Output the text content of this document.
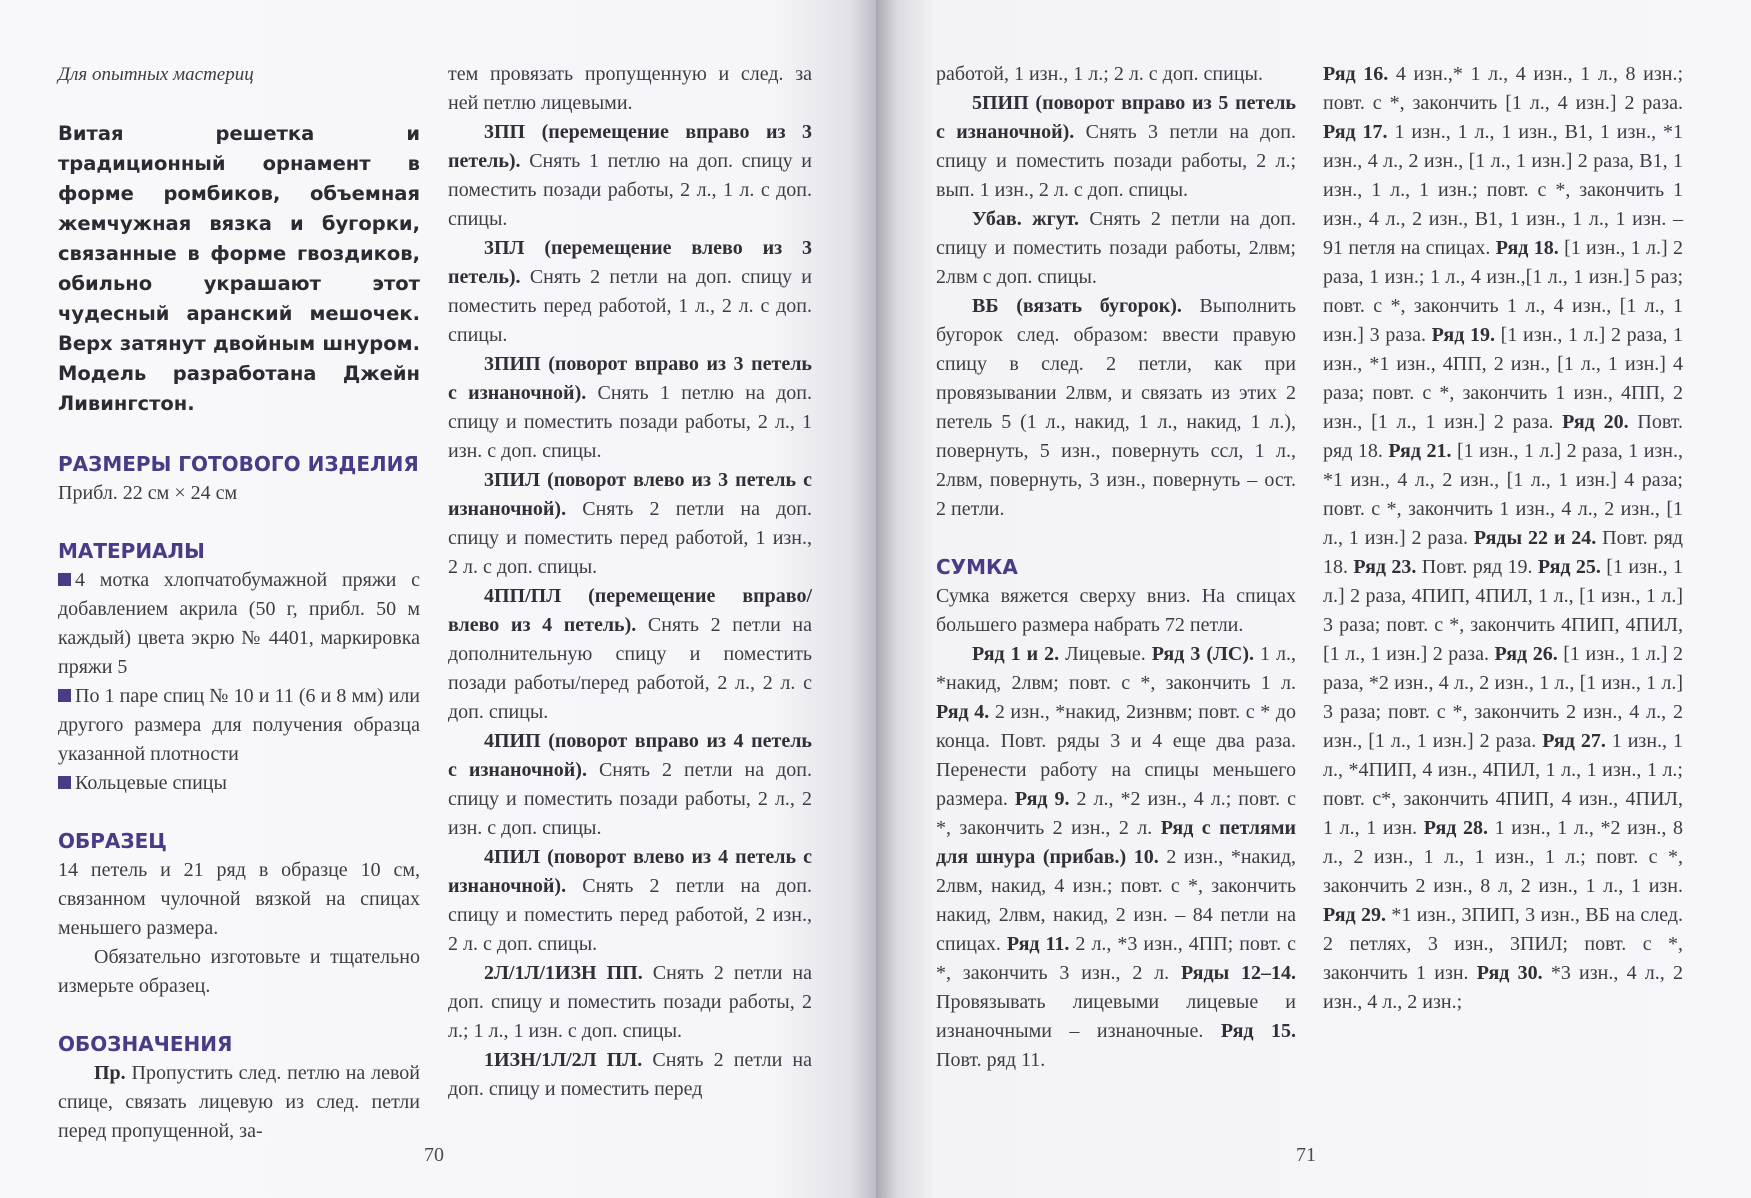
Для опытных мастериц

Витая решетка и традиционный орнамент в форме ромбиков, объемная жемчужная вязка и бугорки, связанные в форме гвоздиков, обильно украшают этот чудесный аранский мешочек. Верх затянут двойным шнуром. Модель разработана Джейн Ливингстон.

РАЗМЕРЫ ГОТОВОГО ИЗДЕЛИЯ

Прибл. 22 см × 24 см

МАТЕРИАЛЫ

4 мотка хлопчатобумажной пряжи с добавлением акрила (50 г, прибл. 50 м каждый) цвета экрю № 4401, маркировка пряжи 5

По 1 паре спиц № 10 и 11 (6 и 8 мм) или другого размера для получения образца указанной плотности

Кольцевые спицы

ОБРАЗЕЦ

14 петель и 21 ряд в образце 10 см, связанном чулочной вязкой на спицах меньшего размера.

Обязательно изготовьте и тщательно измерьте образец.

ОБОЗНАЧЕНИЯ

Пр. Пропустить след. петлю на левой спице, связать лицевую из след. петли перед пропущенной, за-

тем провязать пропущенную и след. за ней петлю лицевыми.

3ПП (перемещение вправо из 3 петель). Снять 1 петлю на доп. спицу и поместить позади работы, 2 л., 1 л. с доп. спицы.

3ПЛ (перемещение влево из 3 петель). Снять 2 петли на доп. спицу и поместить перед работой, 1 л., 2 л. с доп. спицы.

3ПИП (поворот вправо из 3 петель с изнаночной). Снять 1 петлю на доп. спицу и поместить позади работы, 2 л., 1 изн. с доп. спицы.

3ПИЛ (поворот влево из 3 петель с изнаночной). Снять 2 петли на доп. спицу и поместить перед работой, 1 изн., 2 л. с доп. спицы.

4ПП/ПЛ (перемещение вправо/влево из 4 петель). Снять 2 петли на дополнительную спицу и поместить позади работы/перед работой, 2 л., 2 л. с доп. спицы.

4ПИП (поворот вправо из 4 петель с изнаночной). Снять 2 петли на доп. спицу и поместить позади работы, 2 л., 2 изн. с доп. спицы.

4ПИЛ (поворот влево из 4 петель с изнаночной). Снять 2 петли на доп. спицу и поместить перед работой, 2 изн., 2 л. с доп. спицы.

2Л/1Л/1ИЗН ПП. Снять 2 петли на доп. спицу и поместить позади работы, 2 л.; 1 л., 1 изн. с доп. спицы.

1ИЗН/1Л/2Л ПЛ. Снять 2 петли на доп. спицу и поместить перед

70

работой, 1 изн., 1 л.; 2 л. с доп. спицы.

5ПИП (поворот вправо из 5 петель с изнаночной). Снять 3 петли на доп. спицу и поместить позади работы, 2 л.; вып. 1 изн., 2 л. с доп. спицы.

Убав. жгут. Снять 2 петли на доп. спицу и поместить позади работы, 2лвм; 2лвм с доп. спицы.

ВБ (вязать бугорок). Выполнить бугорок след. образом: ввести правую спицу в след. 2 петли, как при провязывании 2лвм, и связать из этих 2 петель 5 (1 л., накид, 1 л., накид, 1 л.), повернуть, 5 изн., повернуть ссл, 1 л., 2лвм, повернуть, 3 изн., повернуть – ост. 2 петли.

СУМКА

Сумка вяжется сверху вниз. На спицах большего размера набрать 72 петли.

Ряд 1 и 2. Лицевые. Ряд 3 (ЛС). 1 л., *накид, 2лвм; повт. с *, закончить 1 л. Ряд 4. 2 изн., *накид, 2изнвм; повт. с * до конца. Повт. ряды 3 и 4 еще два раза. Перенести работу на спицы меньшего размера. Ряд 9. 2 л., *2 изн., 4 л.; повт. с *, закончить 2 изн., 2 л. Ряд с петлями для шнура (прибав.) 10. 2 изн., *накид, 2лвм, накид, 4 изн.; повт. с *, закончить накид, 2лвм, накид, 2 изн. – 84 петли на спицах. Ряд 11. 2 л., *3 изн., 4ПП; повт. с *, закончить 3 изн., 2 л. Ряды 12–14. Провязывать лицевыми лицевые и изнаночными – изнаночные. Ряд 15. Повт. ряд 11.

Ряд 16. 4 изн.,* 1 л., 4 изн., 1 л., 8 изн.; повт. с *, закончить [1 л., 4 изн.] 2 раза. Ряд 17. 1 изн., 1 л., 1 изн., В1, 1 изн., *1 изн., 4 л., 2 изн., [1 л., 1 изн.] 2 раза, В1, 1 изн., 1 л., 1 изн.; повт. с *, закончить 1 изн., 4 л., 2 изн., В1, 1 изн., 1 л., 1 изн. – 91 петля на спицах. Ряд 18. [1 изн., 1 л.] 2 раза, 1 изн.; 1 л., 4 изн.,[1 л., 1 изн.] 5 раз; повт. с *, закончить 1 л., 4 изн., [1 л., 1 изн.] 3 раза. Ряд 19. [1 изн., 1 л.] 2 раза, 1 изн., *1 изн., 4ПП, 2 изн., [1 л., 1 изн.] 4 раза; повт. с *, закончить 1 изн., 4ПП, 2 изн., [1 л., 1 изн.] 2 раза. Ряд 20. Повт. ряд 18. Ряд 21. [1 изн., 1 л.] 2 раза, 1 изн., *1 изн., 4 л., 2 изн., [1 л., 1 изн.] 4 раза; повт. с *, закончить 1 изн., 4 л., 2 изн., [1 л., 1 изн.] 2 раза. Ряды 22 и 24. Повт. ряд 18. Ряд 23. Повт. ряд 19. Ряд 25. [1 изн., 1 л.] 2 раза, 4ПИП, 4ПИЛ, 1 л., [1 изн., 1 л.] 3 раза; повт. с *, закончить 4ПИП, 4ПИЛ, [1 л., 1 изн.] 2 раза. Ряд 26. [1 изн., 1 л.] 2 раза, *2 изн., 4 л., 2 изн., 1 л., [1 изн., 1 л.] 3 раза; повт. с *, закончить 2 изн., 4 л., 2 изн., [1 л., 1 изн.] 2 раза. Ряд 27. 1 изн., 1 л., *4ПИП, 4 изн., 4ПИЛ, 1 л., 1 изн., 1 л.; повт. с*, закончить 4ПИП, 4 изн., 4ПИЛ, 1 л., 1 изн. Ряд 28. 1 изн., 1 л., *2 изн., 8 л., 2 изн., 1 л., 1 изн., 1 л.; повт. с *, закончить 2 изн., 8 л, 2 изн., 1 л., 1 изн. Ряд 29. *1 изн., 3ПИП, 3 изн., ВБ на след. 2 петлях, 3 изн., 3ПИЛ; повт. с *, закончить 1 изн. Ряд 30. *3 изн., 4 л., 2 изн., 4 л., 2 изн.;

71
